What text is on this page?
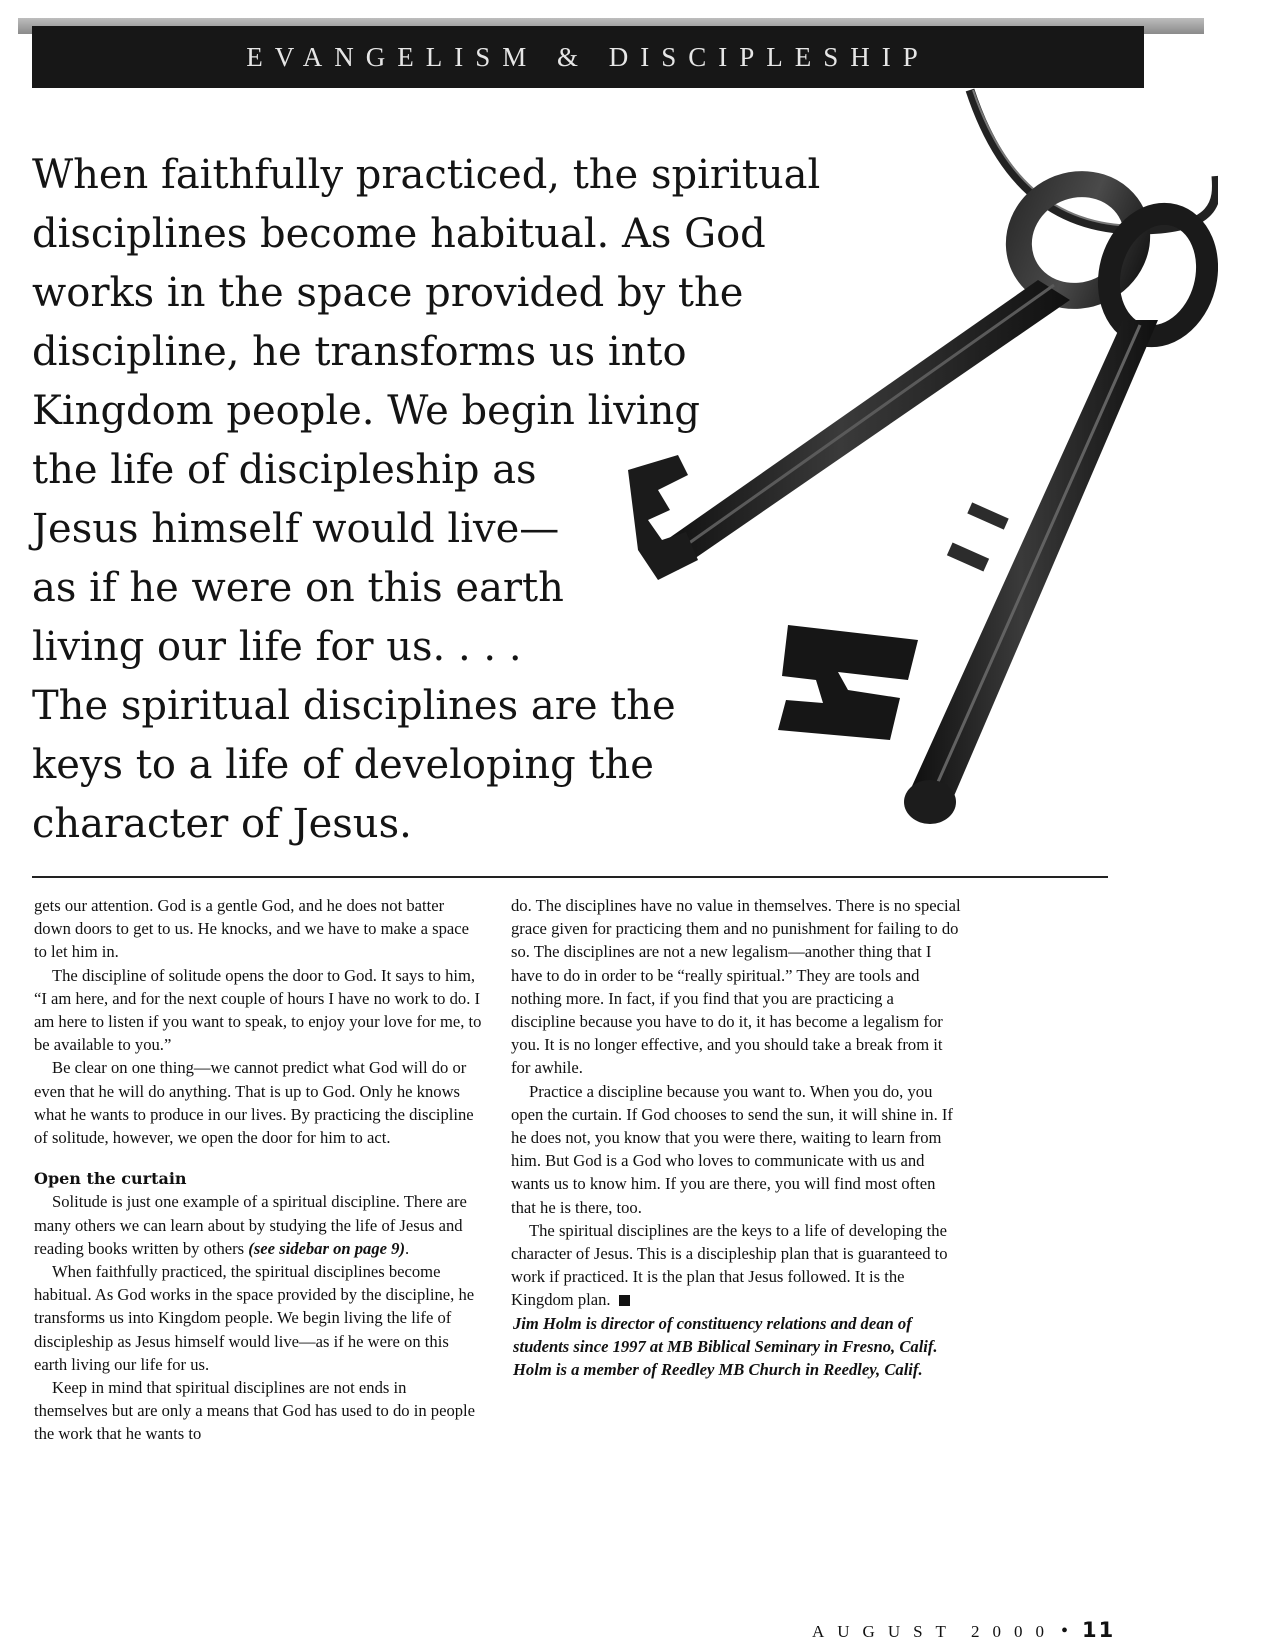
EVANGELISM & DISCIPLESHIP
When faithfully practiced, the spiritual
disciplines become habitual. As God
works in the space provided by the
discipline, he transforms us into
Kingdom people. We begin living
the life of discipleship as
Jesus himself would live—
as if he were on this earth
living our life for us. . . .
The spiritual disciplines are the
keys to a life of developing the
character of Jesus.

gets our attention. God is a gentle God, and he does not batter down doors to get to us. He knocks, and we have to make a space to let him in.

The discipline of solitude opens the door to God. It says to him, “I am here, and for the next couple of hours I have no work to do. I am here to listen if you want to speak, to enjoy your love for me, to be available to you.”

Be clear on one thing—we cannot predict what God will do or even that he will do anything. That is up to God. Only he knows what he wants to produce in our lives. By practicing the discipline of solitude, however, we open the door for him to act.

Open the curtain

Solitude is just one example of a spiritual discipline. There are many others we can learn about by studying the life of Jesus and reading books written by others (see sidebar on page 9).

When faithfully practiced, the spiritual disciplines become habitual. As God works in the space provided by the discipline, he transforms us into Kingdom people. We begin living the life of discipleship as Jesus himself would live—as if he were on this earth living our life for us.

Keep in mind that spiritual disciplines are not ends in themselves but are only a means that God has used to do in people the work that he wants to

do. The disciplines have no value in themselves. There is no special grace given for practicing them and no punishment for failing to do so. The disciplines are not a new legalism—another thing that I have to do in order to be “really spiritual.” They are tools and nothing more. In fact, if you find that you are practicing a discipline because you have to do it, it has become a legalism for you. It is no longer effective, and you should take a break from it for awhile.

Practice a discipline because you want to. When you do, you open the curtain. If God chooses to send the sun, it will shine in. If he does not, you know that you were there, waiting to learn from him. But God is a God who loves to communicate with us and wants us to know him. If you are there, you will find most often that he is there, too.

The spiritual disciplines are the keys to a life of developing the character of Jesus. This is a discipleship plan that is guaranteed to work if practiced. It is the plan that Jesus followed. It is the Kingdom plan.

Jim Holm is director of constituency relations and dean of students since 1997 at MB Biblical Seminary in Fresno, Calif. Holm is a member of Reedley MB Church in Reedley, Calif.

AUGUST 2000 • 11
